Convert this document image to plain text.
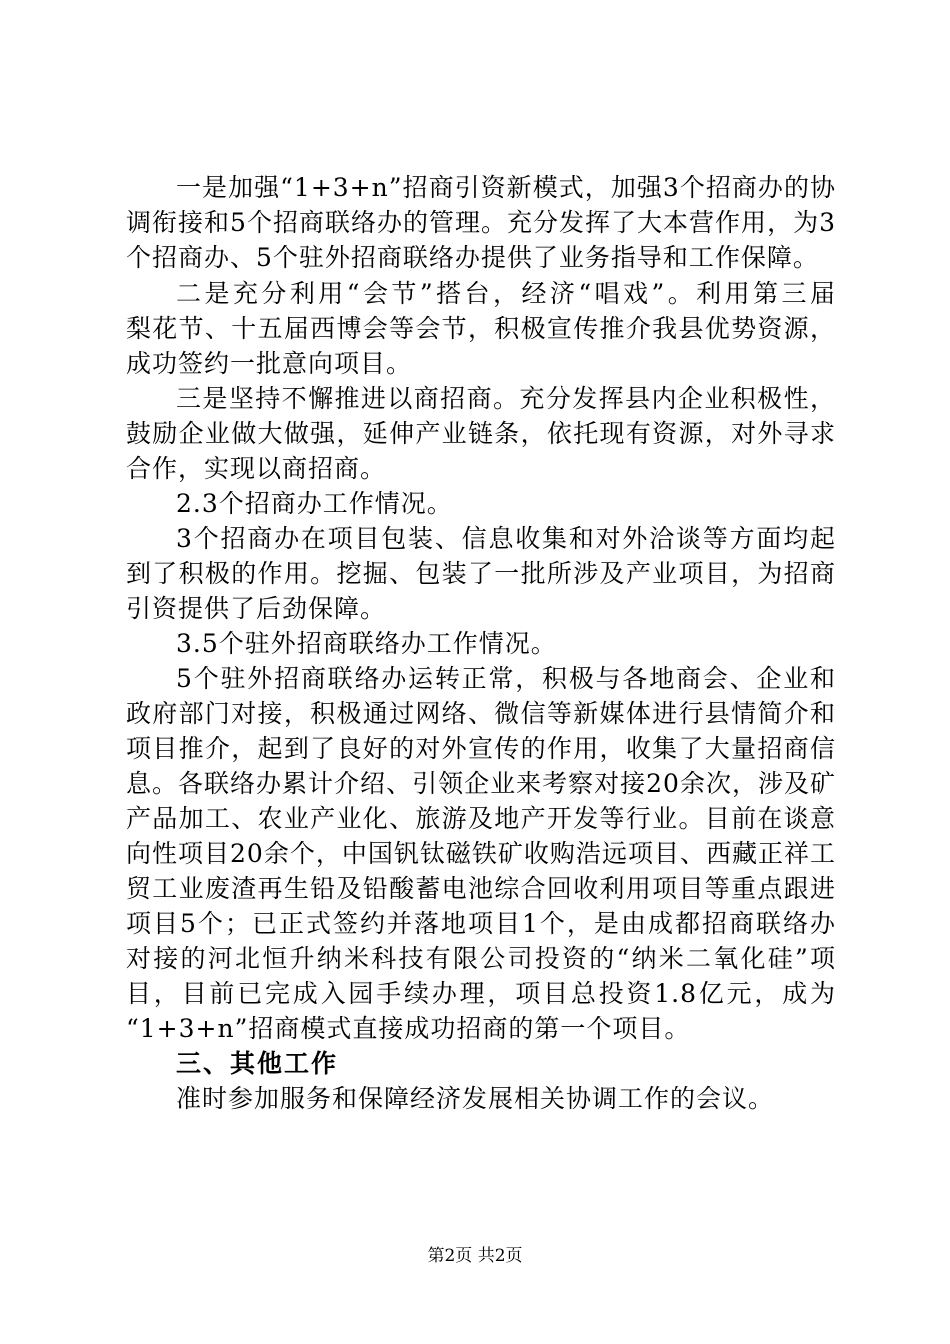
一是加强“1+3+n”招商引资新模式，加强3个招商办的协
调衔接和5个招商联络办的管理。充分发挥了大本营作用，为3
个招商办、5个驻外招商联络办提供了业务指导和工作保障。
二是充分利用“会节”搭台，经济“唱戏”。利用第三届
梨花节、十五届西博会等会节，积极宣传推介我县优势资源，
成功签约一批意向项目。
三是坚持不懈推进以商招商。充分发挥县内企业积极性，
鼓励企业做大做强，延伸产业链条，依托现有资源，对外寻求
合作，实现以商招商。
2.3个招商办工作情况。
3个招商办在项目包装、信息收集和对外洽谈等方面均起
到了积极的作用。挖掘、包装了一批所涉及产业项目，为招商
引资提供了后劲保障。
3.5个驻外招商联络办工作情况。
5个驻外招商联络办运转正常，积极与各地商会、企业和
政府部门对接，积极通过网络、微信等新媒体进行县情简介和
项目推介，起到了良好的对外宣传的作用，收集了大量招商信
息。各联络办累计介绍、引领企业来考察对接20余次，涉及矿
产品加工、农业产业化、旅游及地产开发等行业。目前在谈意
向性项目20余个，中国钒钛磁铁矿收购浩远项目、西藏正祥工
贸工业废渣再生铅及铅酸蓄电池综合回收利用项目等重点跟进
项目5个；已正式签约并落地项目1个，是由成都招商联络办
对接的河北恒升纳米科技有限公司投资的“纳米二氧化硅”项
目，目前已完成入园手续办理，项目总投资1.8亿元，成为
“1+3+n”招商模式直接成功招商的第一个项目。
三、其他工作
准时参加服务和保障经济发展相关协调工作的会议。
第2页 共2页
